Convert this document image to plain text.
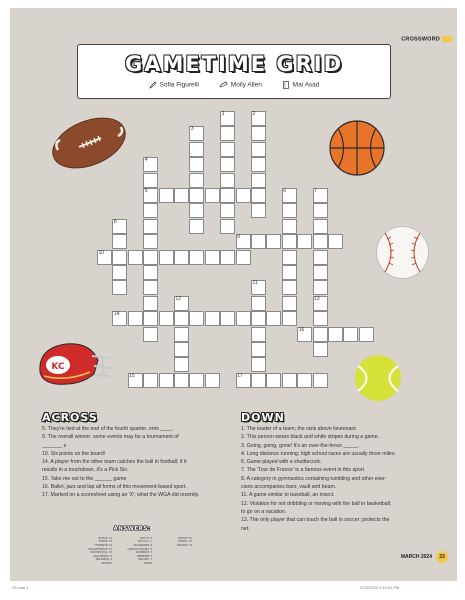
CROSSWORD
GAMETIME GRID
Sofia Figurelli	Molly Allen	Mai Asad
1	2
3
4
5	6	7
8
9
10
11
12	13
14
15
16
17
KC
ACROSS
5. They're tied at the end of the fourth quarter, onto ____.
9. The overall winner: some events may be a tournament of
_______ s
10. Six points on the board!
14. A player from the other team catches the ball in football; if it
results in a touchdown, it's a Pick Six.
15. Take me out to the ______ game
16. Ballet, jazz and tap all forms of this movement-based sport.
17. Marked on a scoresheet using an 'X'; what the WGA did recently.
DOWN
1. The leader of a team; the rank above lieutenant.
2. This person wears black and white stripes during a game.
3. Going, going, gone! It's an over-the-fence _____.
4. Long distance running; high school races are usually three miles.
6. Game played with a shuttlecock.
7. The 'Tour de France' is a famous event in this sport.
8. A category in gymnastics containing tumbling and other exer-
cises accompanies bars, vault and beam.
11. A game similar to baseball, an insect.
12. Violation for not dribbling or moving with the ball in basketball;
to go on a vacation.
13. The only player that can touch the ball in soccer; protects the
net.
ANSWERS:
ACROSS
5. OVERTIME
9. CHAMPIONS
10. TOUCHDOWN
14. INTERCEPTION
15. BASEBALL
16. DANCE
17. STRIKE
DOWN
1. CAPTAIN
2. REFEREE
3. HOMERUN
4. CROSSCOUNTRY
6. BADMINTON
7. CYCLING
8. FLOOR
11. CRICKET
12. TRAVEL
13. GOALIE
MARCH 2024	23
23.indd 1	2/29/2024 1:19:41 PM
